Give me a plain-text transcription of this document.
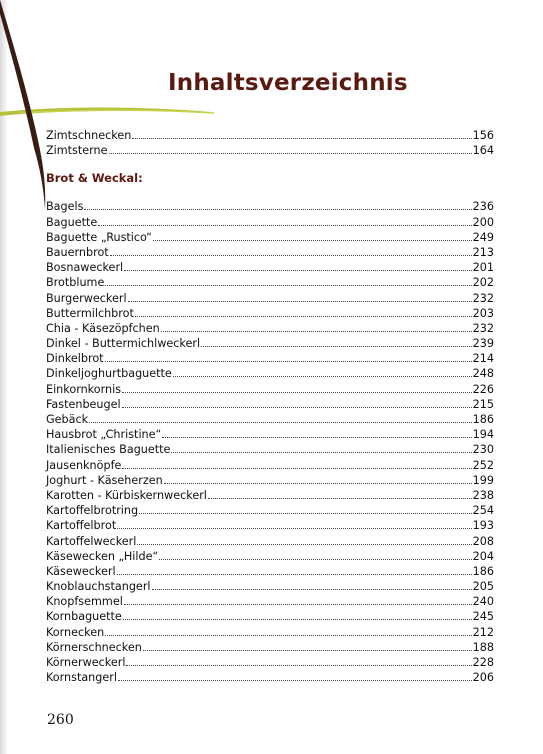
Inhaltsverzeichnis
Zimtschnecken	156
Zimtsterne	164
Brot & Weckal:
Bagels	236
Baguette	200
Baguette „Rustico“	249
Bauernbrot	213
Bosnaweckerl	201
Brotblume	202
Burgerweckerl	232
Buttermilchbrot	203
Chia - Käsezöpfchen	232
Dinkel - Buttermichlweckerl	239
Dinkelbrot	214
Dinkeljoghurtbaguette	248
Einkornkornis	226
Fastenbeugel	215
Gebäck	186
Hausbrot „Christine“	194
Italienisches Baguette	230
Jausenknöpfe	252
Joghurt - Käseherzen	199
Karotten - Kürbiskernweckerl	238
Kartoffelbrotring	254
Kartoffelbrot	193
Kartoffelweckerl	208
Käsewecken „Hilde“	204
Käseweckerl	186
Knoblauchstangerl	205
Knopfsemmel	240
Kornbaguette	245
Kornecken	212
Körnerschnecken	188
Körnerweckerl	228
Kornstangerl	206
260
